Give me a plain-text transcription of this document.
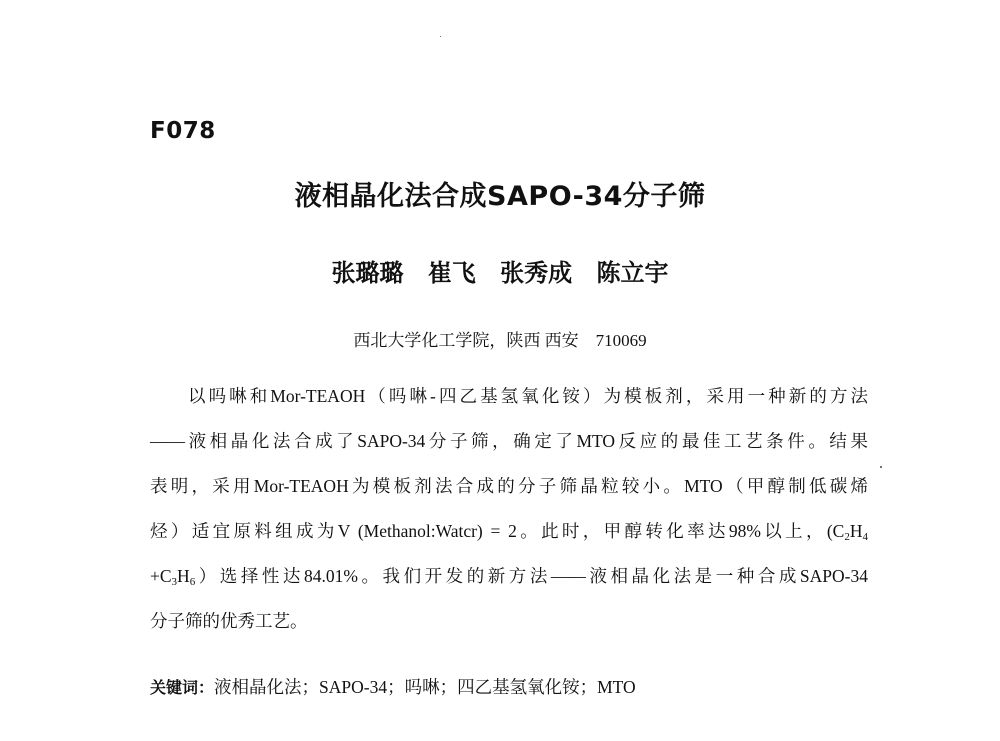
F078
液相晶化法合成SAPO-34分子筛
张璐璐 崔飞 张秀成 陈立宇
西北大学化工学院，陕西 西安　710069
以吗啉和Mor-TEAOH（吗啉-四乙基氢氧化铵）为模板剂，采用一种新的方法
——液相晶化法合成了SAPO-34分子筛，确定了MTO反应的最佳工艺条件。结果
表明，采用Mor-TEAOH为模板剂法合成的分子筛晶粒较小。MTO（甲醇制低碳烯
烃）适宜原料组成为V (Methanol:Watcr) = 2。此时，甲醇转化率达98%以上，($C_2H_4$
$+C_3H_6$）选择性达84.01%。我们开发的新方法——液相晶化法是一种合成SAPO-34
分子筛的优秀工艺。
关键词：液相晶化法；SAPO-34；吗啉；四乙基氢氧化铵；MTO
